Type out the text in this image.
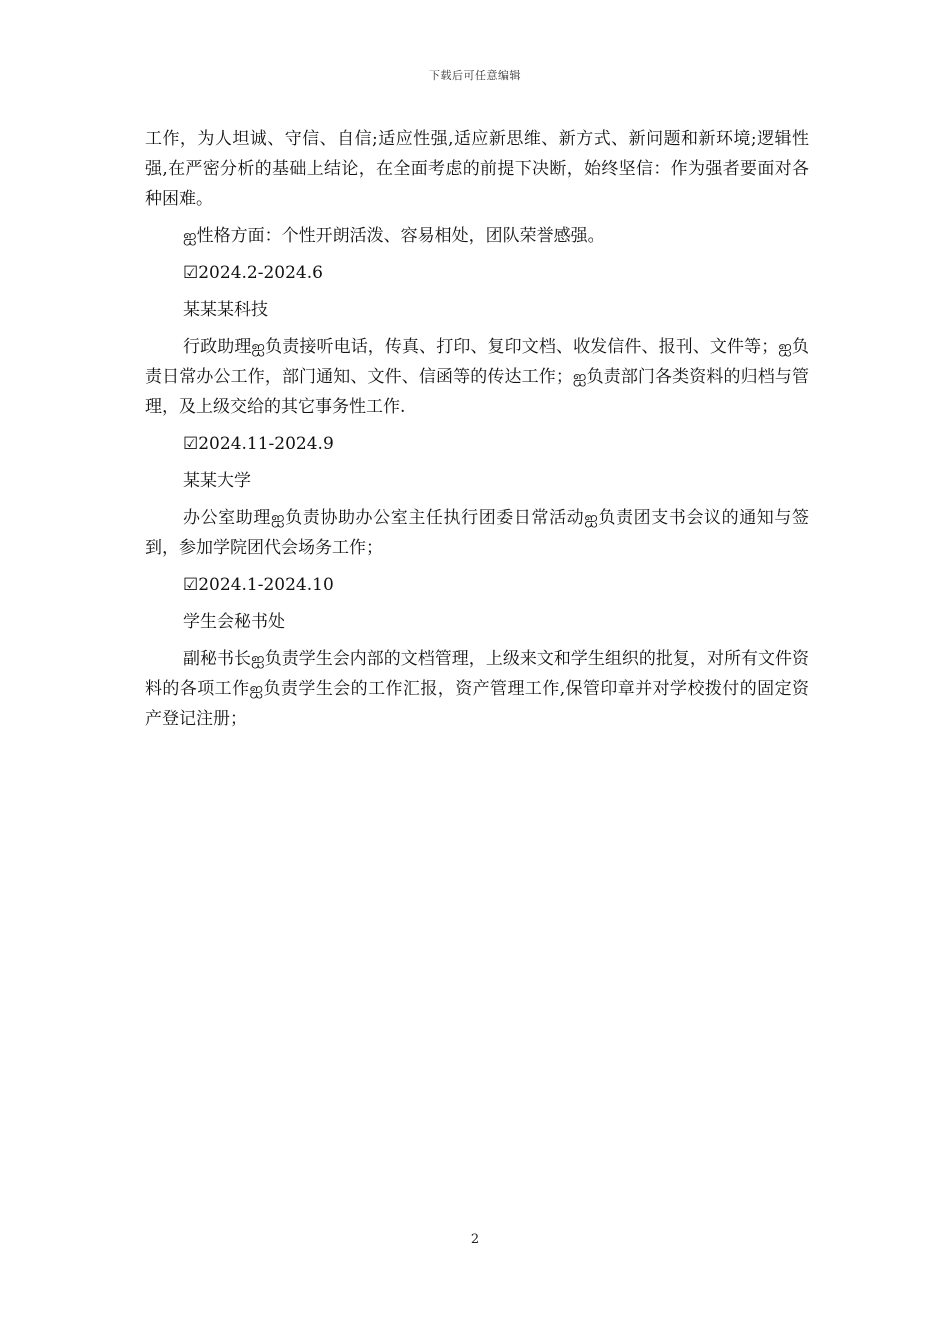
下载后可任意编辑

工作，为人坦诚、守信、自信;适应性强,适应新思维、新方式、新问题和新环境;逻辑性强,在严密分析的基础上结论，在全面考虑的前提下决断，始终坚信：作为强者要面对各种困难。

ஐ性格方面：个性开朗活泼、容易相处，团队荣誉感强。

☑2024.2-2024.6

某某某科技

行政助理ஐ负责接听电话，传真、打印、复印文档、收发信件、报刊、文件等；ஐ负责日常办公工作，部门通知、文件、信函等的传达工作；ஐ负责部门各类资料的归档与管理，及上级交给的其它事务性工作.

☑2024.11-2024.9

某某大学

办公室助理ஐ负责协助办公室主任执行团委日常活动ஐ负责团支书会议的通知与签到，参加学院团代会场务工作；

☑2024.1-2024.10

学生会秘书处

副秘书长ஐ负责学生会内部的文档管理，上级来文和学生组织的批复，对所有文件资料的各项工作ஐ负责学生会的工作汇报，资产管理工作,保管印章并对学校拨付的固定资产登记注册；

2
